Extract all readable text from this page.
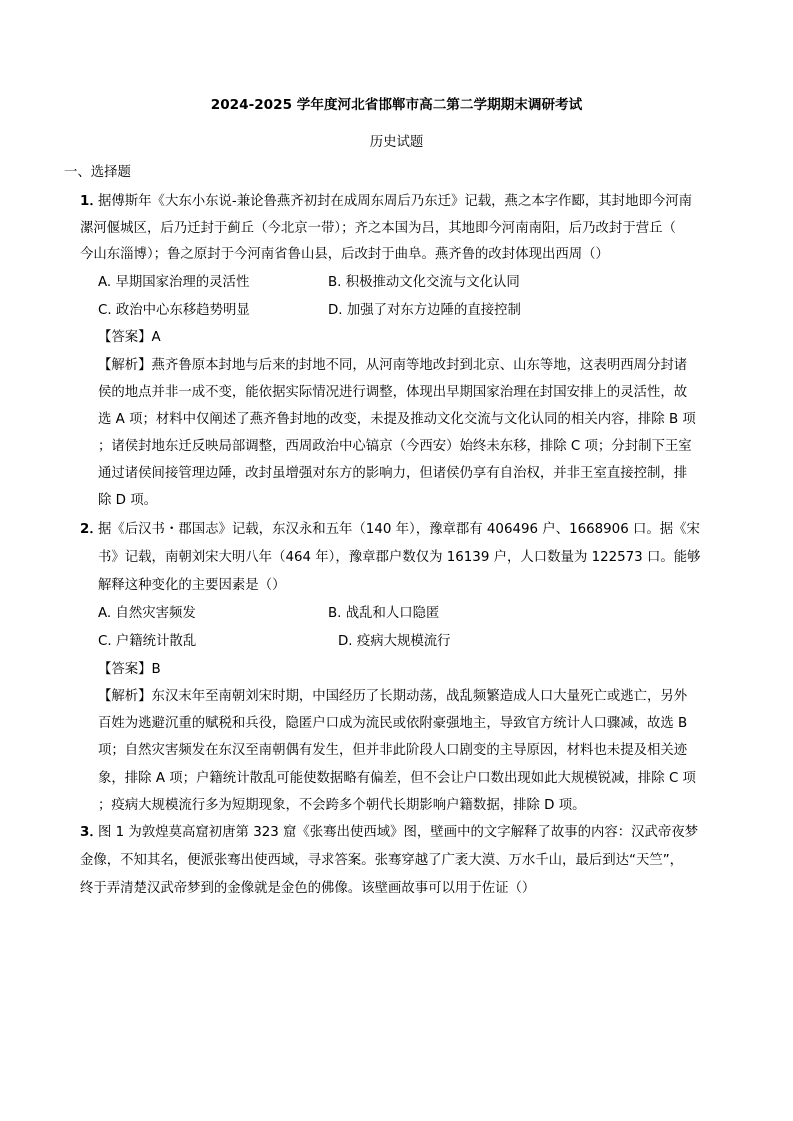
2024-2025 学年度河北省邯郸市高二第二学期期末调研考试
历史试题
一、选择题
1．
据傅斯年《大东小东说-兼论鲁燕齐初封在成周东周后乃东迁》记载，燕之本字作郾，其封地即今河南
漯河偃城区，后乃迁封于蓟丘（今北京一带）；齐之本国为吕，其地即今河南南阳，后乃改封于营丘（
今山东淄博）；鲁之原封于今河南省鲁山县，后改封于曲阜。燕齐鲁的改封体现出西周（）
A. 早期国家治理的灵活性	B. 积极推动文化交流与文化认同
C. 政治中心东移趋势明显	D. 加强了对东方边陲的直接控制
【答案】A
【解析】燕齐鲁原本封地与后来的封地不同，从河南等地改封到北京、山东等地，这表明西周分封诸
侯的地点并非一成不变，能依据实际情况进行调整，体现出早期国家治理在封国安排上的灵活性，故
选 A 项；材料中仅阐述了燕齐鲁封地的改变，未提及推动文化交流与文化认同的相关内容，排除 B 项
；诸侯封地东迁反映局部调整，西周政治中心镐京（今西安）始终未东移，排除 C 项；分封制下王室
通过诸侯间接管理边陲，改封虽增强对东方的影响力，但诸侯仍享有自治权，并非王室直接控制，排
除 D 项。
2．
据《后汉书・郡国志》记载，东汉永和五年（140 年），豫章郡有 406496 户、1668906 口。据《宋
书》记载，南朝刘宋大明八年（464 年），豫章郡户数仅为 16139 户，人口数量为 122573 口。能够
解释这种变化的主要因素是（）
A. 自然灾害频发	B. 战乱和人口隐匿
C. 户籍统计散乱	D. 疫病大规模流行
【答案】B
【解析】东汉末年至南朝刘宋时期，中国经历了长期动荡，战乱频繁造成人口大量死亡或逃亡，另外
百姓为逃避沉重的赋税和兵役，隐匿户口成为流民或依附豪强地主，导致官方统计人口骤减，故选 B
项；自然灾害频发在东汉至南朝偶有发生，但并非此阶段人口剧变的主导原因，材料也未提及相关迹
象，排除 A 项；户籍统计散乱可能使数据略有偏差，但不会让户口数出现如此大规模锐减，排除 C 项
；疫病大规模流行多为短期现象，不会跨多个朝代长期影响户籍数据，排除 D 项。
3．
图 1 为敦煌莫高窟初唐第 323 窟《张骞出使西域》图，壁画中的文字解释了故事的内容：汉武帝夜梦
金像，不知其名，便派张骞出使西域，寻求答案。张骞穿越了广袤大漠、万水千山，最后到达“天竺”，
终于弄清楚汉武帝梦到的金像就是金色的佛像。该壁画故事可以用于佐证（）
